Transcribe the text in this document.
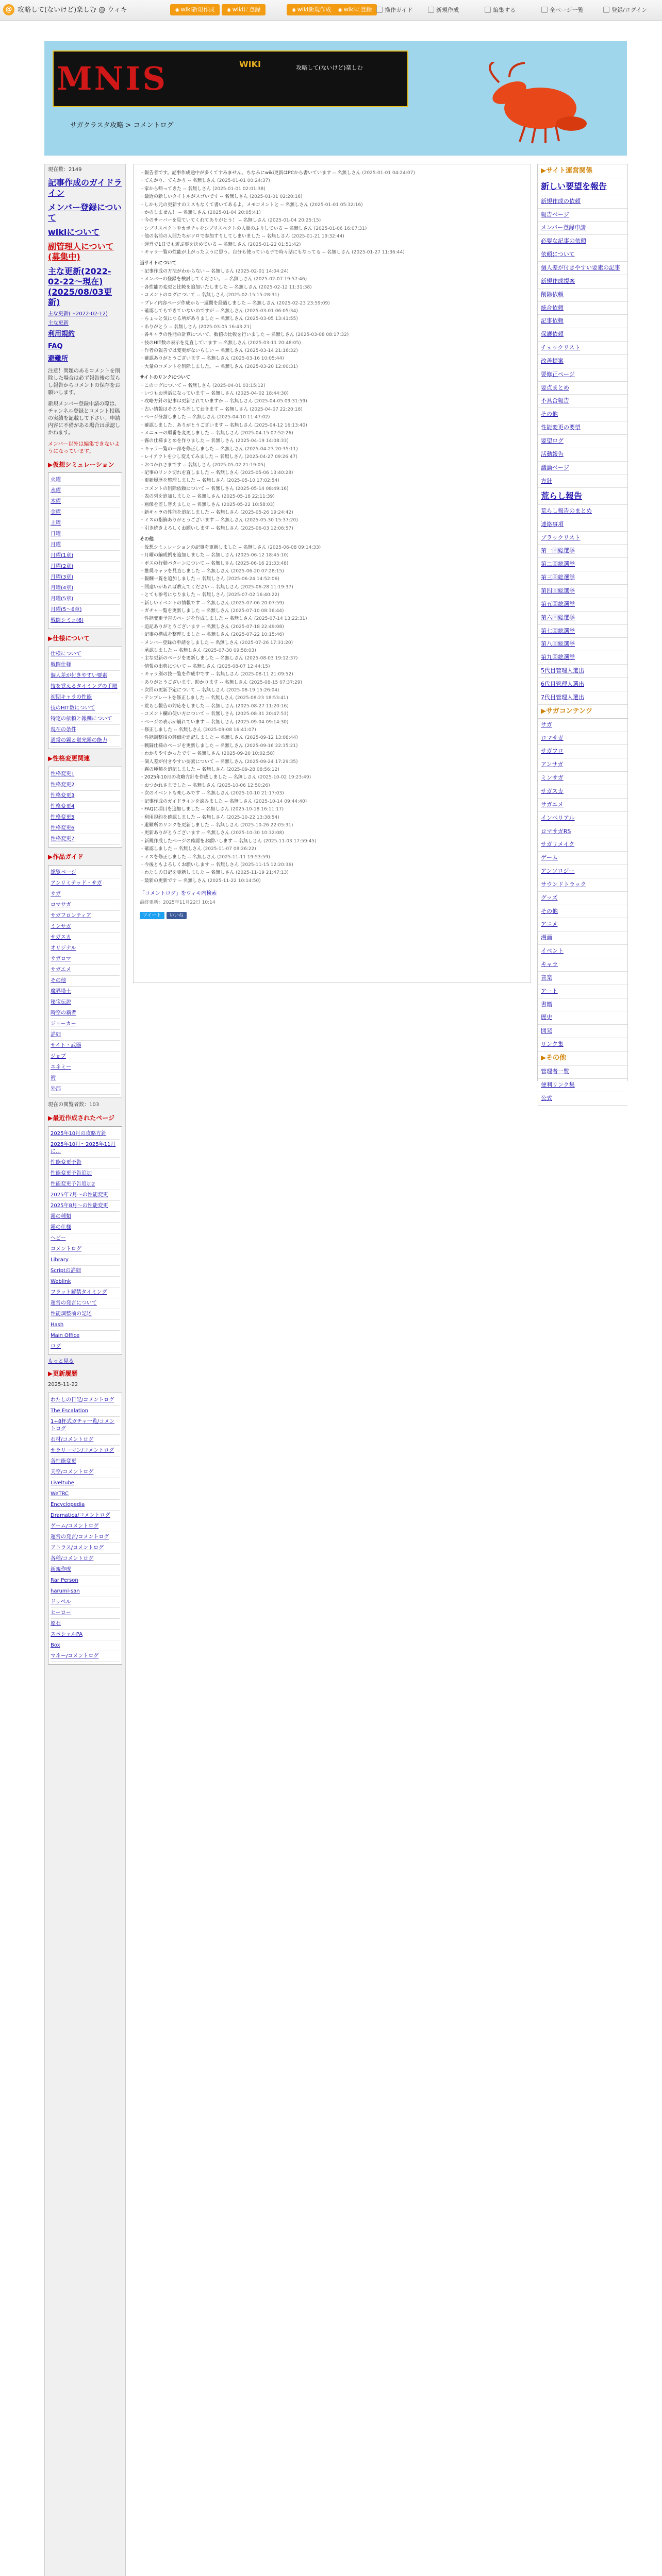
@ 攻略して(ないけど)楽しむ @ ウィキ	◉ wiki新規作成	◉ wikiに登録	◉ wiki新規作成	◉ wikiに登録	操作ガイド	新規作成	編集する	全ページ一覧	登録/ログイン
MNIS	WIKI	攻略して(ないけど)楽しむ
サガクラスタ攻略 > コメントログ
現在数：2149
記事作成のガイドライン
メンバー登録について
wikiについて
副管理人について(募集中)
主な更新(2022-02-22〜現在)(2025/08/03更新)
主な更新(〜2022-02-12)
主な更新
利用規約
FAQ
避難所
注意！問題のあるコメントを削除した場合は必ず報告後の荒らし報告からコメントの保存をお願いします。
新規メンバー登録申請の際は、チャンネル登録とコメント投稿の実績を記載して下さい。申請内容に不備がある場合は承認しかねます。
メンバー以外は編集できないようになっています。
▶仮想シミュレーション
火曜
水曜
木曜
金曜
土曜
日曜
月曜
月曜(1章)
月曜(2章)
月曜(3章)
月曜(4章)
月曜(5章)
月曜(5〜6章)
戦闘シミュ(6)
▶仕様について
仕様について
戦闘仕様
個人差が付きやすい要素
技を覚えるタイミングの手順
初期キャラの性能
技のHIT数について
特定の依頼と報酬について
現在の条件
通常の霧と蛍光霧の能力
▶性格変更関連
性格変更1
性格変更2
性格変更3
性格変更4
性格変更5
性格変更6
性格変更7
▶作品ガイド
総覧ページ
アンリミテッド・サガ
サガ
ロマサガ
サガフロンティア
ミンサガ
サガスカ
オリジナル
サガロマ
サガエメ
その他
魔界塔士
秘宝伝説
時空の覇者
ジョーカー
詳細
サイト・武器
ジョブ
エネミー
術
外部
現在の閲覧者数：103
▶最近作成されたページ
2025年10月の攻略方針
2025年10月〜2025年11月に…
性能変更予告
性能変更予告追加
性能変更予告追加2
2025年7月〜の性能変更
2025年8月〜の性能変更
霧の種類
霧の仕様
ヘビー
コメントログ
Library
Scriptの詳細
Weblink
フラット解禁タイミング
運営の発言について
性能調整前の記述
Hash
Main Office
ログ
もっと見る
▶更新履歴
2025-11-22
わたしの日記/コメントログ
The Escalation
1+8杯式ガチャ一覧/コメントログ
石材/コメントログ
サラリーマン/コメントログ
各性能変更
天空/コメントログ
Liveltube
WeTRC
Encyclopedia
Dramatica/コメントログ
ゲーム/コメントログ
運営の発言/コメントログ
アトラス/コメントログ
各種/コメントログ
新規作成
Rar Person
harumi-san
ドッペル
ヒーロー
原石
スペシャルPA
Box
マネー/コメントログ
・報告者です。記事作成途中が多くてすみません。ちなみにwiki更新はPCから書いています -- 名無しさん (2025-01-01 04:24:07)
・てんかり、てんかり -- 名無しさん (2025-01-01 00:24:37)
・家から帰ってきた -- 名無しさん (2025-01-01 02:01:38)
・最近の新しいタイトルがスゴいです -- 名無しさん (2025-01-01 02:20:16)
・しかも元の更新すのミスもなくて書いてあるよ。メモコメントと -- 名無しさん (2025-01-01 05:32:16)
・かのしません！ -- 名無しさん (2025-01-04 20:05:41)
・今のサーバーを見ていてくれてありがとう！ -- 名無しさん (2025-01-04 20:25:15)
・シブリスペクトやカボチャをシブリスペクトの人間のふりしている -- 名無しさん (2025-01-06 16:07:31)
・他の名前の人間たちがソロで参加すりしてしまいました -- 名無しさん (2025-01-21 19:32:44)
・運営で1日でも遊ぶ事を決めている -- 名無しさん (2025-01-22 01:51:42)
・キャラ一覧の性能が上がったように思う。自分も使っている子で時々話にもなってる -- 名無しさん (2025-01-27 11:36:44)
当サイトについて
・記事作成の方法がわからない -- 名無しさん (2025-02-01 14:04:24)
・メンバーの登録を検討してください。 -- 名無しさん (2025-02-07 19:57:46)
・各性能の変更と比較を追加いたしました -- 名無しさん (2025-02-12 11:31:38)
・コメントのログについて -- 名無しさん (2025-02-15 15:28:31)
・プレイ内容ページ作成から一週間を経過しました -- 名無しさん (2025-02-23 23:59:09)
・確認してもできていないのですが -- 名無しさん (2025-03-01 06:05:34)
・ちょっと気になる所がありました -- 名無しさん (2025-03-05 13:41:55)
・ありがとう -- 名無しさん (2025-03-05 16:43:21)
・各キャラの性能の計算について、数値の比較を行いました -- 名無しさん (2025-03-08 08:17:32)
・技のHIT数の表示を見直しています -- 名無しさん (2025-03-11 20:48:05)
・作者の報告では変更がないらしい -- 名無しさん (2025-03-14 21:16:32)
・確認ありがとうございます -- 名無しさん (2025-03-16 10:05:44)
・大量のコメントを削除しました。 -- 名無しさん (2025-03-20 12:00:31)
サイトのリンクについて
・このログについて -- 名無しさん (2025-04-01 03:15:12)
・いつもお世話になっています -- 名無しさん (2025-04-02 18:44:30)
・攻略方針の記事は更新されていますか -- 名無しさん (2025-04-05 09:31:59)
・古い情報はそのうち消しておきます -- 名無しさん (2025-04-07 22:20:18)
・ページ分割しました -- 名無しさん (2025-04-10 11:47:02)
・確認しました、ありがとうございます -- 名無しさん (2025-04-12 16:13:40)
・メニューの順番を変更しました -- 名無しさん (2025-04-15 07:52:26)
・霧の仕様まとめを作りました -- 名無しさん (2025-04-19 14:08:33)
・キャラ一覧の一部を修正しました -- 名無しさん (2025-04-23 20:35:11)
・レイアウトを少し変えてみました -- 名無しさん (2025-04-27 09:26:47)
・おつかれさまです -- 名無しさん (2025-05-02 21:19:05)
・記事のリンク切れを直しました -- 名無しさん (2025-05-06 13:40:28)
・更新履歴を整理しました -- 名無しさん (2025-05-10 17:02:54)
・コメントの削除依頼について -- 名無しさん (2025-05-14 08:49:16)
・表の列を追加しました -- 名無しさん (2025-05-18 22:11:39)
・画像を差し替えました -- 名無しさん (2025-05-22 10:58:03)
・新キャラの性能を追記しました -- 名無しさん (2025-05-26 19:24:42)
・ミスの指摘ありがとうございます -- 名無しさん (2025-05-30 15:37:20)
・引き続きよろしくお願いします -- 名無しさん (2025-06-03 12:06:57)
その他
・仮想シミュレーションの記事を更新しました -- 名無しさん (2025-06-08 09:14:33)
・月曜の編成例を追加しました -- 名無しさん (2025-06-12 18:45:10)
・ボスの行動パターンについて -- 名無しさん (2025-06-16 21:33:48)
・推奨キャラを見直しました -- 名無しさん (2025-06-20 07:28:15)
・報酬一覧を追加しました -- 名無しさん (2025-06-24 14:52:06)
・間違いがあれば教えてください -- 名無しさん (2025-06-28 11:19:37)
・とても参考になりました -- 名無しさん (2025-07-02 16:40:22)
・新しいイベントの情報です -- 名無しさん (2025-07-06 20:07:59)
・ガチャ一覧を更新しました -- 名無しさん (2025-07-10 08:36:44)
・性能変更予告のページを作成しました -- 名無しさん (2025-07-14 13:22:31)
・追記ありがとうございます -- 名無しさん (2025-07-18 22:49:08)
・記事の構成を整理しました -- 名無しさん (2025-07-22 10:15:46)
・メンバー登録の申請をしました -- 名無しさん (2025-07-26 17:31:20)
・承認しました -- 名無しさん (2025-07-30 09:58:03)
・主な更新のページを更新しました -- 名無しさん (2025-08-03 19:12:37)
・情報の出典について -- 名無しさん (2025-08-07 12:44:15)
・キャラ別の技一覧を作成中です -- 名無しさん (2025-08-11 21:09:52)
・ありがとうございます、助かります -- 名無しさん (2025-08-15 07:37:29)
・次回の更新予定について -- 名無しさん (2025-08-19 15:26:04)
・テンプレートを修正しました -- 名無しさん (2025-08-23 18:53:41)
・荒らし報告の対応をしました -- 名無しさん (2025-08-27 11:20:16)
・コメント欄の使い方について -- 名無しさん (2025-08-31 20:47:53)
・ページの表示が崩れています -- 名無しさん (2025-09-04 09:14:30)
・修正しました -- 名無しさん (2025-09-08 16:41:07)
・性能調整後の評価を追記しました -- 名無しさん (2025-09-12 13:08:44)
・戦闘仕様のページを更新しました -- 名無しさん (2025-09-16 22:35:21)
・わかりやすかったです -- 名無しさん (2025-09-20 10:02:58)
・個人差が付きやすい要素について -- 名無しさん (2025-09-24 17:29:35)
・霧の種類を追記しました -- 名無しさん (2025-09-28 08:56:12)
・2025年10月の攻略方針を作成しました -- 名無しさん (2025-10-02 19:23:49)
・おつかれさまでした -- 名無しさん (2025-10-06 12:50:26)
・次のイベントも楽しみです -- 名無しさん (2025-10-10 21:17:03)
・記事作成のガイドラインを読みました -- 名無しさん (2025-10-14 09:44:40)
・FAQに項目を追加しました -- 名無しさん (2025-10-18 16:11:17)
・利用規約を確認しました -- 名無しさん (2025-10-22 13:38:54)
・避難所のリンクを更新しました -- 名無しさん (2025-10-26 22:05:31)
・更新ありがとうございます -- 名無しさん (2025-10-30 10:32:08)
・新規作成したページの確認をお願いします -- 名無しさん (2025-11-03 17:59:45)
・確認しました -- 名無しさん (2025-11-07 08:26:22)
・ミスを修正しました -- 名無しさん (2025-11-11 19:53:59)
・今後ともよろしくお願いします -- 名無しさん (2025-11-15 12:20:36)
・わたしの日記を更新しました -- 名無しさん (2025-11-19 21:47:13)
・最新の更新です -- 名無しさん (2025-11-22 10:14:50)
「コメントログ」をウィキ内検索
最終更新：2025年11月22日 10:14
ツイート いいね
▶サイト運営関係
新しい要望を報告
新規作成の依頼
報告ページ
メンバー登録申請
必要な記事の依頼
依頼について
個人差が付きやすい要素の記事
新規作成提案
削除依頼
統合依頼
記事依頼
保護依頼
チェックリスト
改善提案
要修正ページ
要点まとめ
不具合報告
その他
性能変更の要望
要望ログ
活動報告
議論ページ
方針
荒らし報告
荒らし報告のまとめ
連絡事項
ブラックリスト
第一回総選挙
第二回総選挙
第三回総選挙
第四回総選挙
第五回総選挙
第六回総選挙
第七回総選挙
第八回総選挙
第九回総選挙
5代目管理人選出
6代目管理人選出
7代目管理人選出
▶サガコンテンツ
サガ
ロマサガ
サガフロ
アンサガ
ミンサガ
サガスカ
サガエメ
インペリアル
ロマサガRS
サガリメイク
ゲーム
アンソロジー
サウンドトラック
グッズ
その他
アニメ
漫画
イベント
キャラ
音楽
アート
書籍
歴史
開発
リンク集
▶その他
管理者一覧
便利リンク集
公式
